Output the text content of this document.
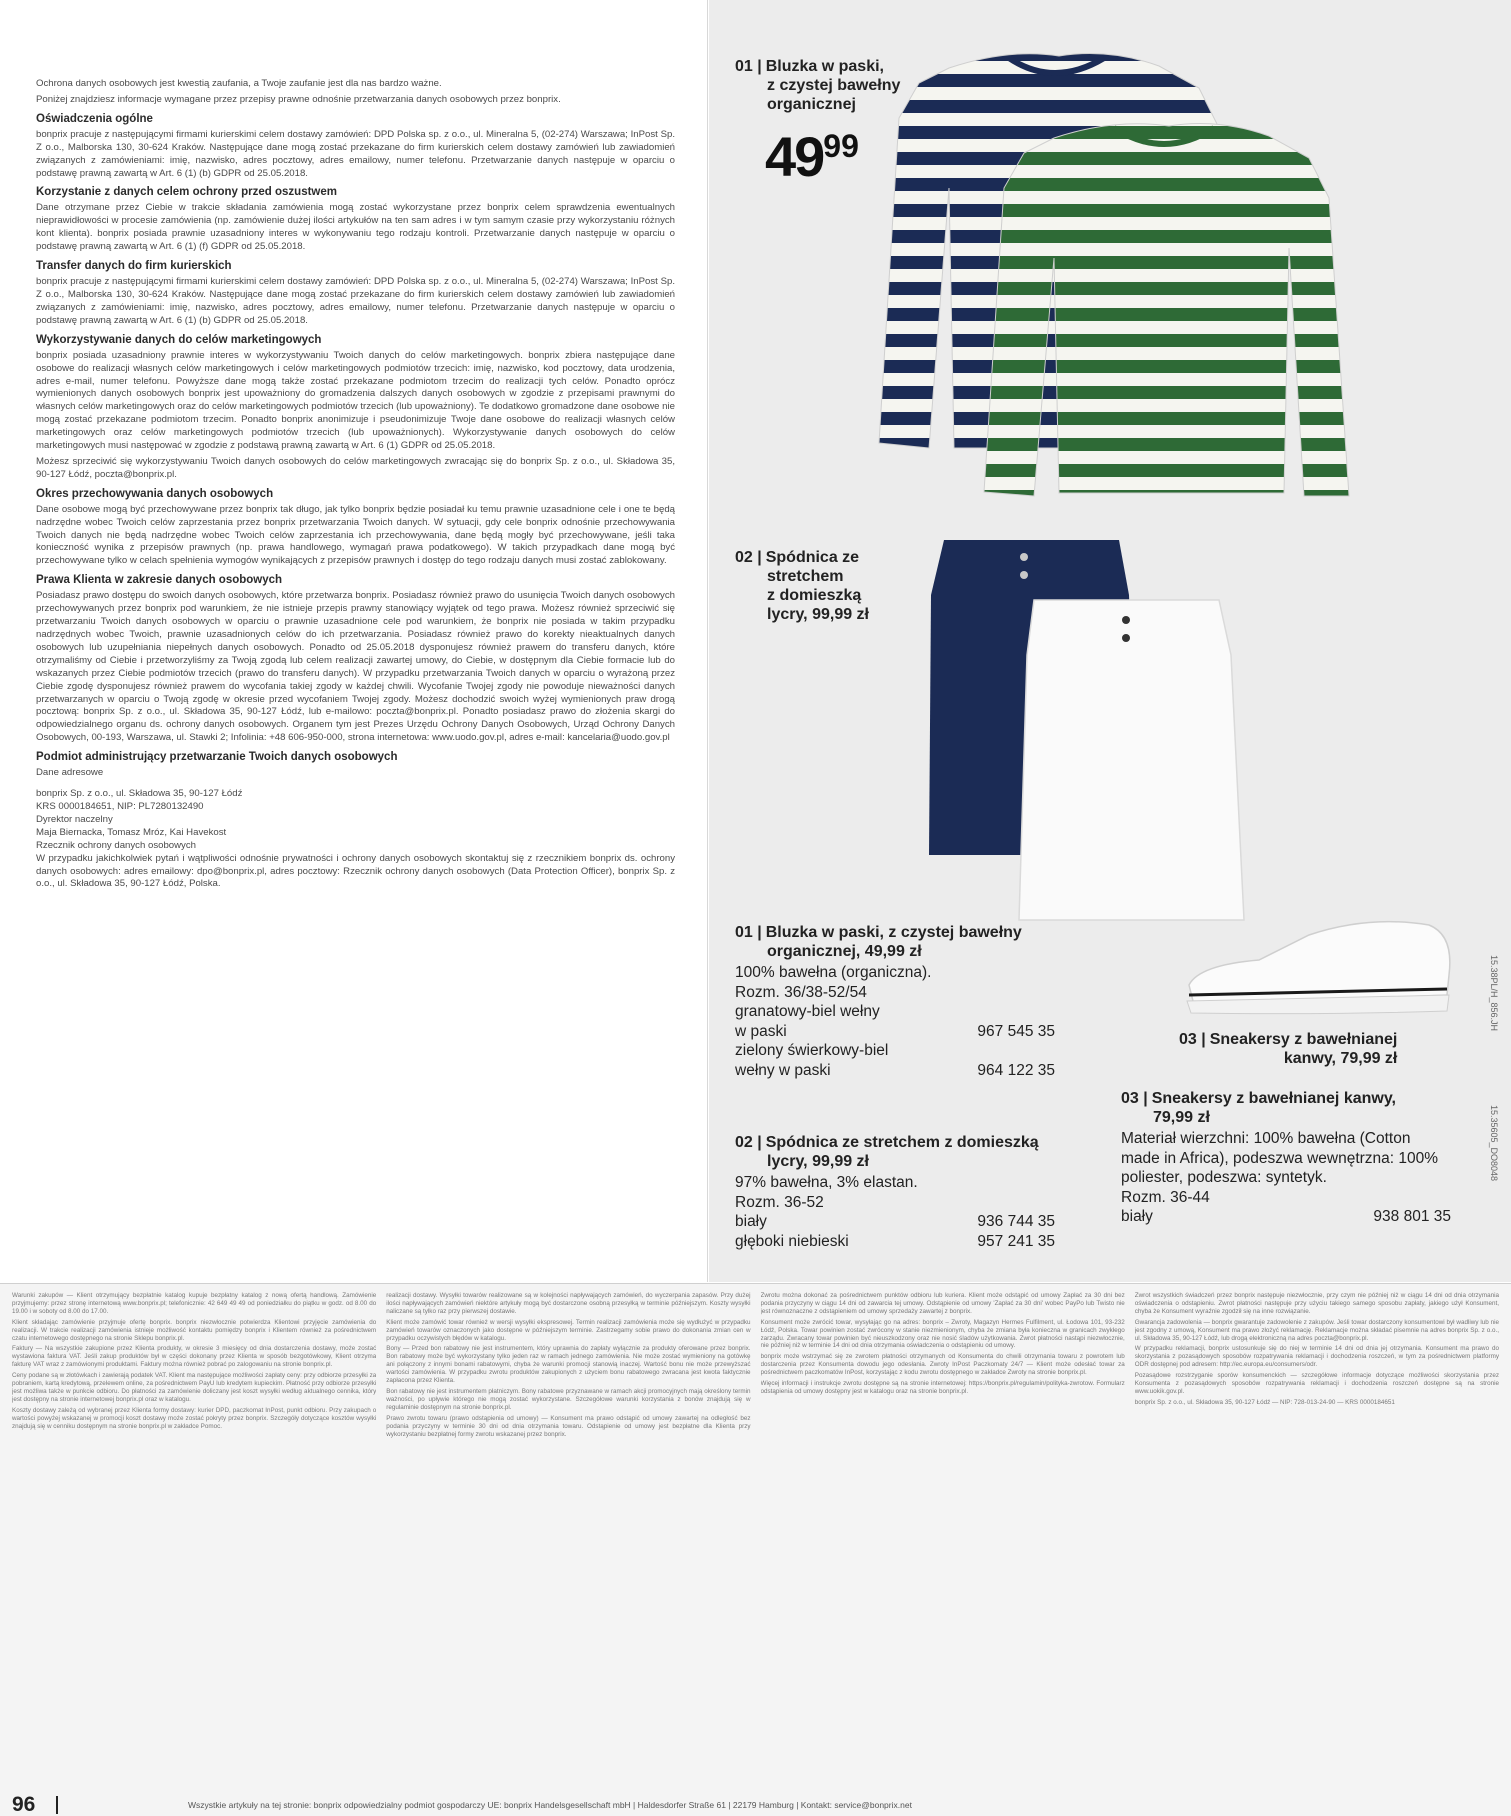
Ochrona danych osobowych jest kwestią zaufania, a Twoje zaufanie jest dla nas bardzo ważne.

Poniżej znajdziesz informacje wymagane przez przepisy prawne odnośnie przetwarzania danych osobowych przez bonprix.

Oświadczenia ogólne

bonprix pracuje z następującymi firmami kurierskimi celem dostawy zamówień: DPD Polska sp. z o.o., ul. Mineralna 5, (02-274) Warszawa; InPost Sp. Z o.o., Malborska 130, 30-624 Kraków. Następujące dane mogą zostać przekazane do firm kurierskich celem dostawy zamówień lub zawiadomień związanych z zamówieniami: imię, nazwisko, adres pocztowy, adres emailowy, numer telefonu. Przetwarzanie danych następuje w oparciu o podstawę prawną zawartą w Art. 6 (1) (b) GDPR od 25.05.2018.

Korzystanie z danych celem ochrony przed oszustwem

Dane otrzymane przez Ciebie w trakcie składania zamówienia mogą zostać wykorzystane przez bonprix celem sprawdzenia ewentualnych nieprawidłowości w procesie zamówienia (np. zamówienie dużej ilości artykułów na ten sam adres i w tym samym czasie przy wykorzystaniu różnych kont klienta). bonprix posiada prawnie uzasadniony interes w wykonywaniu tego rodzaju kontroli. Przetwarzanie danych następuje w oparciu o podstawę prawną zawartą w Art. 6 (1) (f) GDPR od 25.05.2018.

Transfer danych do firm kurierskich

bonprix pracuje z następującymi firmami kurierskimi celem dostawy zamówień: DPD Polska sp. z o.o., ul. Mineralna 5, (02-274) Warszawa; InPost Sp. Z o.o., Malborska 130, 30-624 Kraków. Następujące dane mogą zostać przekazane do firm kurierskich celem dostawy zamówień lub zawiadomień związanych z zamówieniami: imię, nazwisko, adres pocztowy, adres emailowy, numer telefonu. Przetwarzanie danych następuje w oparciu o podstawę prawną zawartą w Art. 6 (1) (b) GDPR od 25.05.2018.

Wykorzystywanie danych do celów marketingowych

bonprix posiada uzasadniony prawnie interes w wykorzystywaniu Twoich danych do celów marketingowych. bonprix zbiera następujące dane osobowe do realizacji własnych celów marketingowych i celów marketingowych podmiotów trzecich: imię, nazwisko, kod pocztowy, data urodzenia, adres e-mail, numer telefonu. Powyższe dane mogą także zostać przekazane podmiotom trzecim do realizacji tych celów. Ponadto oprócz wymienionych danych osobowych bonprix jest upoważniony do gromadzenia dalszych danych osobowych w zgodzie z przepisami prawnymi do własnych celów marketingowych oraz do celów marketingowych podmiotów trzecich (lub upoważniony). Te dodatkowo gromadzone dane osobowe nie mogą zostać przekazane podmiotom trzecim. Ponadto bonprix anonimizuje i pseudonimizuje Twoje dane osobowe do realizacji własnych celów marketingowych oraz celów marketingowych podmiotów trzecich (lub upoważnionych). Wykorzystywanie danych osobowych do celów marketingowych musi następować w zgodzie z podstawą prawną zawartą w Art. 6 (1) GDPR od 25.05.2018.

Możesz sprzeciwić się wykorzystywaniu Twoich danych osobowych do celów marketingowych zwracając się do bonprix Sp. z o.o., ul. Składowa 35, 90-127 Łódź, poczta@bonprix.pl.

Okres przechowywania danych osobowych

Dane osobowe mogą być przechowywane przez bonprix tak długo, jak tylko bonprix będzie posiadał ku temu prawnie uzasadnione cele i one te będą nadrzędne wobec Twoich celów zaprzestania przez bonprix przetwarzania Twoich danych. W sytuacji, gdy cele bonprix odnośnie przechowywania Twoich danych nie będą nadrzędne wobec Twoich celów zaprzestania ich przechowywania, dane będą mogły być przechowywane, jeśli taka konieczność wynika z przepisów prawnych (np. prawa handlowego, wymagań prawa podatkowego). W takich przypadkach dane mogą być przechowywane tylko w celach spełnienia wymogów wynikających z przepisów prawnych i dostęp do tego rodzaju danych musi zostać zablokowany.

Prawa Klienta w zakresie danych osobowych

Posiadasz prawo dostępu do swoich danych osobowych, które przetwarza bonprix. Posiadasz również prawo do usunięcia Twoich danych osobowych przechowywanych przez bonprix pod warunkiem, że nie istnieje przepis prawny stanowiący wyjątek od tego prawa. Możesz również sprzeciwić się przetwarzaniu Twoich danych osobowych w oparciu o prawnie uzasadnione cele pod warunkiem, że bonprix nie posiada w takim przypadku nadrzędnych wobec Twoich, prawnie uzasadnionych celów do ich przetwarzania. Posiadasz również prawo do korekty nieaktualnych danych osobowych lub uzupełniania niepełnych danych osobowych. Ponadto od 25.05.2018 dysponujesz również prawem do transferu danych, które otrzymaliśmy od Ciebie i przetworzyliśmy za Twoją zgodą lub celem realizacji zawartej umowy, do Ciebie, w dostępnym dla Ciebie formacie lub do wskazanych przez Ciebie podmiotów trzecich (prawo do transferu danych). W przypadku przetwarzania Twoich danych w oparciu o wyrażoną przez Ciebie zgodę dysponujesz również prawem do wycofania takiej zgody w każdej chwili. Wycofanie Twojej zgody nie powoduje nieważności danych przetwarzanych w oparciu o Twoją zgodę w okresie przed wycofaniem Twojej zgody. Możesz dochodzić swoich wyżej wymienionych praw drogą pocztową: bonprix Sp. z o.o., ul. Składowa 35, 90-127 Łódź, lub e-mailowo: poczta@bonprix.pl. Ponadto posiadasz prawo do złożenia skargi do odpowiedzialnego organu ds. ochrony danych osobowych. Organem tym jest Prezes Urzędu Ochrony Danych Osobowych, Urząd Ochrony Danych Osobowych, 00-193, Warszawa, ul. Stawki 2; Infolinia: +48 606-950-000, strona internetowa: www.uodo.gov.pl, adres e-mail: kancelaria@uodo.gov.pl

Podmiot administrujący przetwarzanie Twoich danych osobowych

Dane adresowe

bonprix Sp. z o.o., ul. Składowa 35, 90-127 Łódź

KRS 0000184651, NIP: PL7280132490

Dyrektor naczelny

Maja Biernacka, Tomasz Mróz, Kai Havekost

Rzecznik ochrony danych osobowych

W przypadku jakichkolwiek pytań i wątpliwości odnośnie prywatności i ochrony danych osobowych skontaktuj się z rzecznikiem bonprix ds. ochrony danych osobowych: adres emailowy: dpo@bonprix.pl, adres pocztowy: Rzecznik ochrony danych osobowych (Data Protection Officer), bonprix Sp. z o.o., ul. Składowa 35, 90-127 Łódź, Polska.

01 | Bluzka w paski,
z czystej bawełny
organicznej
$49^{99}$
02 | Spódnica ze
stretchem
z domieszką
lycry, 99,99 zł
03 | Sneakersy z bawełnianej
kanwy, 79,99 zł
01 | Bluzka w paski, z czystej bawełny
organicznej, 49,99 zł
100% bawełna (organiczna).
Rozm. 36/38-52/54
granatowy-biel wełny
w paski	967 545 35
zielony świerkowy-biel
wełny w paski	964 122 35
02 | Spódnica ze stretchem z domieszką
lycry, 99,99 zł
97% bawełna, 3% elastan.
Rozm. 36-52
biały	936 744 35
głęboki niebieski	957 241 35
03 | Sneakersy z bawełnianej kanwy,
79,99 zł
Materiał wierzchni: 100% bawełna (Cotton made in Africa), podeszwa wewnętrzna: 100% poliester, podeszwa: syntetyk.
Rozm. 36-44
biały	938 801 35
15.38PL/H_856.JH
15.35605_DO8048

Warunki zakupów — Klient otrzymujący bezpłatnie katalog kupuje bezpłatny katalog z nową ofertą handlową. Zamówienie przyjmujemy: przez stronę internetową www.bonprix.pl; telefonicznie: 42 649 49 49 od poniedziałku do piątku w godz. od 8.00 do 19.00 i w soboty od 8.00 do 17.00.

Klient składając zamówienie przyjmuje ofertę bonprix. bonprix niezwłocznie potwierdza Klientowi przyjęcie zamówienia do realizacji. W trakcie realizacji zamówienia istnieje możliwość kontaktu pomiędzy bonprix i Klientem również za pośrednictwem czatu internetowego dostępnego na stronie Sklepu bonprix.pl.

Faktury — Na wszystkie zakupione przez Klienta produkty, w okresie 3 miesięcy od dnia dostarczenia dostawy, może zostać wystawiona faktura VAT. Jeśli zakup produktów był w części dokonany przez Klienta w sposób bezgotówkowy, Klient otrzyma fakturę VAT wraz z zamówionymi produktami. Faktury można również pobrać po zalogowaniu na stronie bonprix.pl.

Ceny podane są w złotówkach i zawierają podatek VAT. Klient ma następujące możliwości zapłaty ceny: przy odbiorze przesyłki za pobraniem, kartą kredytową, przelewem online, za pośrednictwem PayU lub kredytem kupieckim. Płatność przy odbiorze przesyłki jest możliwa także w punkcie odbioru. Do płatności za zamówienie doliczany jest koszt wysyłki według aktualnego cennika, który jest dostępny na stronie internetowej bonprix.pl oraz w katalogu.

Koszty dostawy zależą od wybranej przez Klienta formy dostawy: kurier DPD, paczkomat InPost, punkt odbioru. Przy zakupach o wartości powyżej wskazanej w promocji koszt dostawy może zostać pokryty przez bonprix. Szczegóły dotyczące kosztów wysyłki znajdują się w cenniku dostępnym na stronie bonprix.pl w zakładce Pomoc.

realizacji dostawy. Wysyłki towarów realizowane są w kolejności napływających zamówień, do wyczerpania zapasów. Przy dużej ilości napływających zamówień niektóre artykuły mogą być dostarczone osobną przesyłką w terminie późniejszym. Koszty wysyłki naliczane są tylko raz przy pierwszej dostawie.

Klient może zamówić towar również w wersji wysyłki ekspresowej. Termin realizacji zamówienia może się wydłużyć w przypadku zamówień towarów oznaczonych jako dostępne w późniejszym terminie. Zastrzegamy sobie prawo do dokonania zmian cen w przypadku oczywistych błędów w katalogu.

Bony — Przed bon rabatowy nie jest instrumentem, który uprawnia do zapłaty wyłącznie za produkty oferowane przez bonprix. Bon rabatowy może być wykorzystany tylko jeden raz w ramach jednego zamówienia. Nie może zostać wymieniony na gotówkę ani połączony z innymi bonami rabatowymi, chyba że warunki promocji stanowią inaczej. Wartość bonu nie może przewyższać wartości zamówienia. W przypadku zwrotu produktów zakupionych z użyciem bonu rabatowego zwracana jest kwota faktycznie zapłacona przez Klienta.

Bon rabatowy nie jest instrumentem płatniczym. Bony rabatowe przyznawane w ramach akcji promocyjnych mają określony termin ważności, po upływie którego nie mogą zostać wykorzystane. Szczegółowe warunki korzystania z bonów znajdują się w regulaminie dostępnym na stronie bonprix.pl.

Prawo zwrotu towaru (prawo odstąpienia od umowy) — Konsument ma prawo odstąpić od umowy zawartej na odległość bez podania przyczyny w terminie 30 dni od dnia otrzymania towaru. Odstąpienie od umowy jest bezpłatne dla Klienta przy wykorzystaniu bezpłatnej formy zwrotu wskazanej przez bonprix.

Zwrotu można dokonać za pośrednictwem punktów odbioru lub kuriera. Klient może odstąpić od umowy Zapłać za 30 dni bez podania przyczyny w ciągu 14 dni od zawarcia tej umowy. Odstąpienie od umowy 'Zapłać za 30 dni' wobec PayPo lub Twisto nie jest równoznaczne z odstąpieniem od umowy sprzedaży zawartej z bonprix.

Konsument może zwrócić towar, wysyłając go na adres: bonprix – Zwroty, Magazyn Hermes Fulfilment, ul. Łodowa 101, 93-232 Łódź, Polska. Towar powinien zostać zwrócony w stanie niezmienionym, chyba że zmiana była konieczna w granicach zwykłego zarządu. Zwracany towar powinien być nieuszkodzony oraz nie nosić śladów użytkowania. Zwrot płatności nastąpi niezwłocznie, nie później niż w terminie 14 dni od dnia otrzymania oświadczenia o odstąpieniu od umowy.

bonprix może wstrzymać się ze zwrotem płatności otrzymanych od Konsumenta do chwili otrzymania towaru z powrotem lub dostarczenia przez Konsumenta dowodu jego odesłania. Zwroty InPost Paczkomaty 24/7 — Klient może odesłać towar za pośrednictwem paczkomatów InPost, korzystając z kodu zwrotu dostępnego w zakładce Zwroty na stronie bonprix.pl.

Więcej informacji i instrukcje zwrotu dostępne są na stronie internetowej: https://bonprix.pl/regulamin/polityka-zwrotow. Formularz odstąpienia od umowy dostępny jest w katalogu oraz na stronie bonprix.pl.

Zwrot wszystkich świadczeń przez bonprix następuje niezwłocznie, przy czym nie później niż w ciągu 14 dni od dnia otrzymania oświadczenia o odstąpieniu. Zwrot płatności następuje przy użyciu takiego samego sposobu zapłaty, jakiego użył Konsument, chyba że Konsument wyraźnie zgodził się na inne rozwiązanie.

Gwarancja zadowolenia — bonprix gwarantuje zadowolenie z zakupów. Jeśli towar dostarczony konsumentowi był wadliwy lub nie jest zgodny z umową, Konsument ma prawo złożyć reklamację. Reklamacje można składać pisemnie na adres bonprix Sp. z o.o., ul. Składowa 35, 90-127 Łódź, lub drogą elektroniczną na adres poczta@bonprix.pl.

W przypadku reklamacji, bonprix ustosunkuje się do niej w terminie 14 dni od dnia jej otrzymania. Konsument ma prawo do skorzystania z pozasądowych sposobów rozpatrywania reklamacji i dochodzenia roszczeń, w tym za pośrednictwem platformy ODR dostępnej pod adresem: http://ec.europa.eu/consumers/odr.

Pozasądowe rozstrzyganie sporów konsumenckich — szczegółowe informacje dotyczące możliwości skorzystania przez Konsumenta z pozasądowych sposobów rozpatrywania reklamacji i dochodzenia roszczeń dostępne są na stronie www.uokik.gov.pl.

bonprix Sp. z o.o., ul. Składowa 35, 90-127 Łódź — NIP: 728-013-24-90 — KRS 0000184651

96	Wszystkie artykuły na tej stronie: bonprix odpowiedzialny podmiot gospodarczy UE: bonprix Handelsgesellschaft mbH | Haldesdorfer Straße 61 | 22179 Hamburg | Kontakt: service@bonprix.net
